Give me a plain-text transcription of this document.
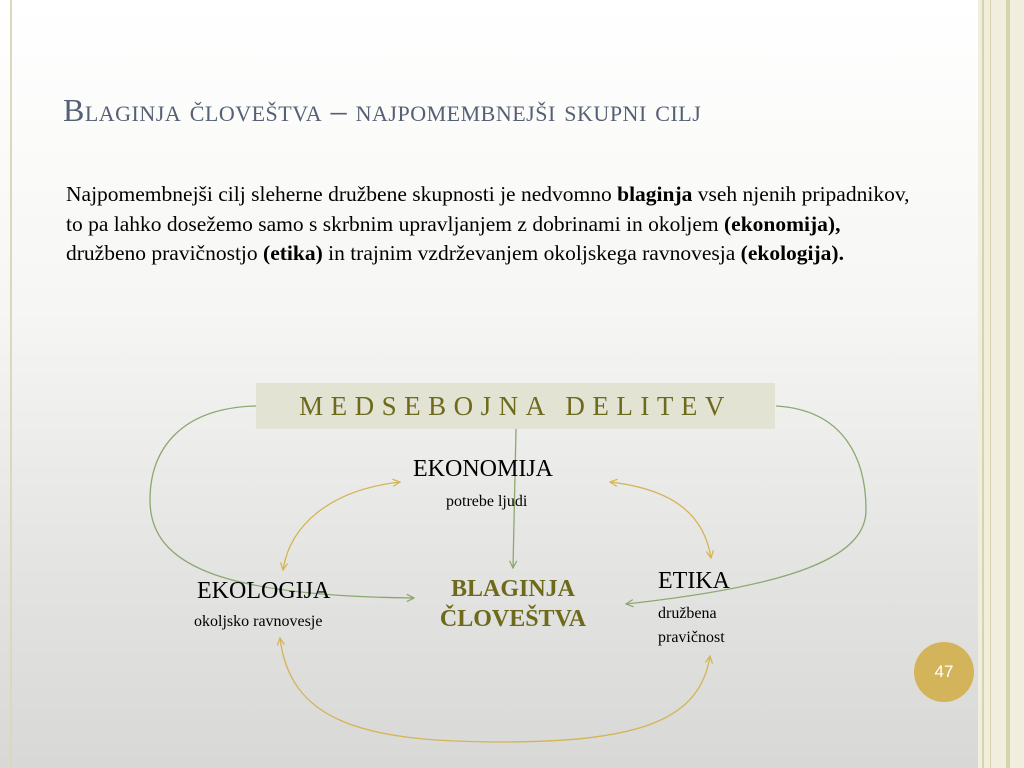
Blaginja človeštva – najpomembnejši skupni cilj

Najpomembnejši cilj sleherne družbene skupnosti je nedvomno blaginja vseh njenih pripadnikov, to pa lahko dosežemo samo s skrbnim upravljanjem z dobrinami in okoljem (ekonomija), družbeno pravičnostjo (etika) in trajnim vzdrževanjem okoljskega ravnovesja (ekologija).

MEDSEBOJNA DELITEV
EKONOMIJA
potrebe ljudi
EKOLOGIJA
okoljsko ravnovesje
ETIKA
družbena
pravičnost
BLAGINJA
ČLOVEŠTVA
47
